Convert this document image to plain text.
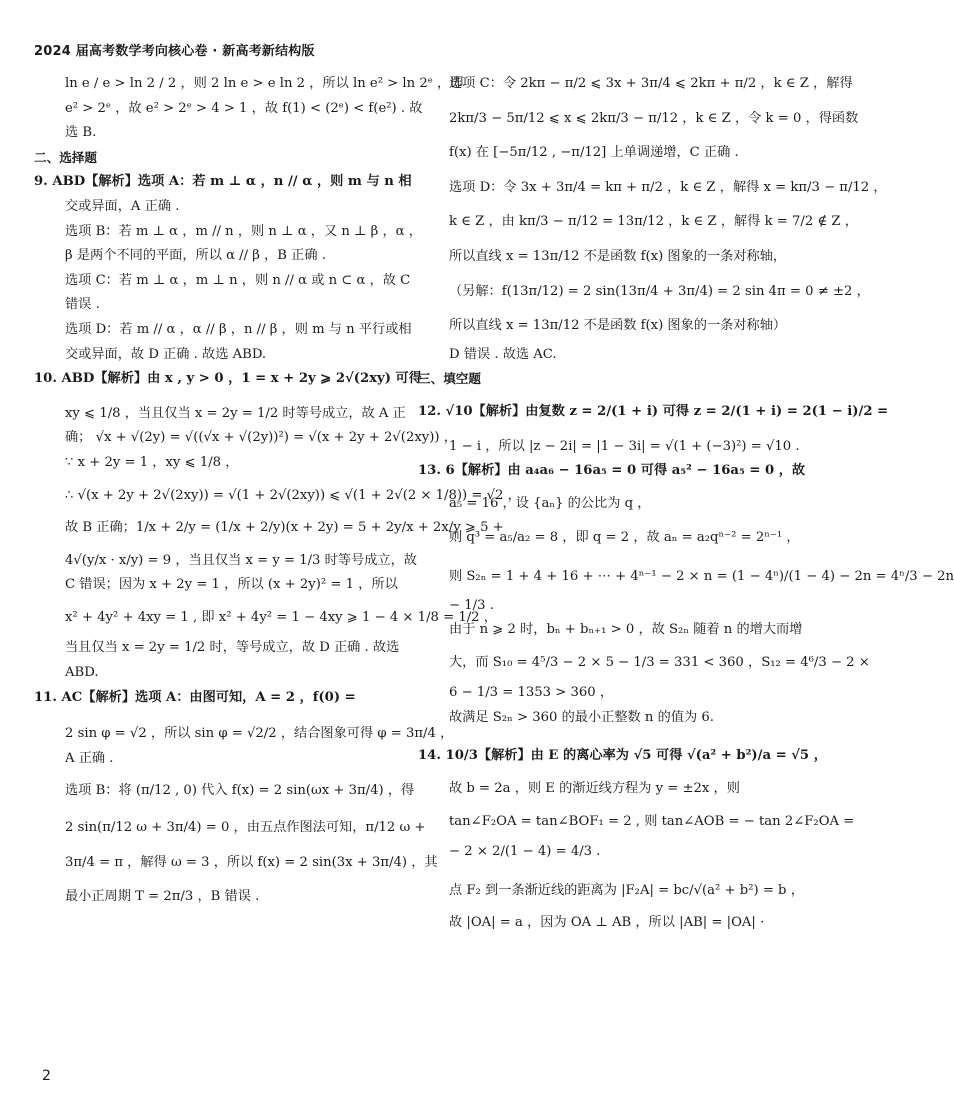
2024 届高考数学考向核心卷 · 新高考新结构版
ln e / e > ln 2 / 2 ，则 2 ln e > e ln 2 ，所以 ln e² > ln 2ᵉ ，即
e² > 2ᵉ ，故 e² > 2ᵉ > 4 > 1 ，故 f(1) < (2ᵉ) < f(e²) . 故
选 B.
二、选择题
9. ABD【解析】选项 A：若 m ⊥ α ，n // α ，则 m 与 n 相
交或异面，A 正确 .
选项 B：若 m ⊥ α ，m // n ，则 n ⊥ α ，又 n ⊥ β ，α ，
β 是两个不同的平面，所以 α // β ，B 正确 .
选项 C：若 m ⊥ α ，m ⊥ n ，则 n // α 或 n ⊂ α ，故 C
错误 .
选项 D：若 m // α ，α // β ，n // β ，则 m 与 n 平行或相
交或异面，故 D 正确 . 故选 ABD.
10. ABD【解析】由 x , y > 0 ，1 = x + 2y ⩾ 2√(2xy) 可得
xy ⩽ 1/8 ，当且仅当 x = 2y = 1/2 时等号成立，故 A 正
确； √x + √(2y) = √((√x + √(2y))²) = √(x + 2y + 2√(2xy)) ，
∵ x + 2y = 1 ，xy ⩽ 1/8 ，
∴ √(x + 2y + 2√(2xy)) = √(1 + 2√(2xy)) ⩽ √(1 + 2√(2 × 1/8)) = √2 ，
故 B 正确；1/x + 2/y = (1/x + 2/y)(x + 2y) = 5 + 2y/x + 2x/y ⩾ 5 +
4√(y/x · x/y) = 9 ，当且仅当 x = y = 1/3 时等号成立，故
C 错误；因为 x + 2y = 1 ，所以 (x + 2y)² = 1 ，所以
x² + 4y² + 4xy = 1 , 即 x² + 4y² = 1 − 4xy ⩾ 1 − 4 × 1/8 = 1/2 ，
当且仅当 x = 2y = 1/2 时，等号成立，故 D 正确 . 故选
ABD.
11. AC【解析】选项 A：由图可知，A = 2 ，f(0) =
2 sin φ = √2 ，所以 sin φ = √2/2 ，结合图象可得 φ = 3π/4 ，
A 正确 .
选项 B：将 (π/12 , 0) 代入 f(x) = 2 sin(ωx + 3π/4) ，得
2 sin(π/12 ω + 3π/4) = 0 ，由五点作图法可知，π/12 ω +
3π/4 = π ，解得 ω = 3 ，所以 f(x) = 2 sin(3x + 3π/4) ，其
最小正周期 T = 2π/3 ，B 错误 .
选项 C：令 2kπ − π/2 ⩽ 3x + 3π/4 ⩽ 2kπ + π/2 ，k ∈ Z ，解得
2kπ/3 − 5π/12 ⩽ x ⩽ 2kπ/3 − π/12 ，k ∈ Z ，令 k = 0 ，得函数
f(x) 在 [−5π/12 , −π/12] 上单调递增，C 正确 .
选项 D：令 3x + 3π/4 = kπ + π/2 ，k ∈ Z ，解得 x = kπ/3 − π/12 ，
k ∈ Z ，由 kπ/3 − π/12 = 13π/12 ，k ∈ Z ，解得 k = 7/2 ∉ Z ，
所以直线 x = 13π/12 不是函数 f(x) 图象的一条对称轴，
（另解：f(13π/12) = 2 sin(13π/4 + 3π/4) = 2 sin 4π = 0 ≠ ±2 ，
所以直线 x = 13π/12 不是函数 f(x) 图象的一条对称轴）
D 错误 . 故选 AC.
三、填空题
12. √10【解析】由复数 z = 2/(1 + i) 可得 z = 2/(1 + i) = 2(1 − i)/2 =
1 − i ，所以 |z − 2i| = |1 − 3i| = √(1 + (−3)²) = √10 .
13. 6【解析】由 a₄a₆ − 16a₅ = 0 可得 a₅² − 16a₅ = 0 ，故
a₅ = 16 ，设 {aₙ} 的公比为 q ，
则 q³ = a₅/a₂ = 8 ，即 q = 2 ，故 aₙ = a₂qⁿ⁻² = 2ⁿ⁻¹ ，
则 S₂ₙ = 1 + 4 + 16 + ⋯ + 4ⁿ⁻¹ − 2 × n = (1 − 4ⁿ)/(1 − 4) − 2n = 4ⁿ/3 − 2n
− 1/3 .
由于 n ⩾ 2 时，bₙ + bₙ₊₁ > 0 ，故 S₂ₙ 随着 n 的增大而增
大，而 S₁₀ = 4⁵/3 − 2 × 5 − 1/3 = 331 < 360 ，S₁₂ = 4⁶/3 − 2 ×
6 − 1/3 = 1353 > 360 ，
故满足 S₂ₙ > 360 的最小正整数 n 的值为 6.
14. 10/3【解析】由 E 的离心率为 √5 可得 √(a² + b²)/a = √5 ，
故 b = 2a ，则 E 的渐近线方程为 y = ±2x ，则
tan∠F₂OA = tan∠BOF₁ = 2 , 则 tan∠AOB = − tan 2∠F₂OA =
− 2 × 2/(1 − 4) = 4/3 .
点 F₂ 到一条渐近线的距离为 |F₂A| = bc/√(a² + b²) = b ，
故 |OA| = a ，因为 OA ⊥ AB ，所以 |AB| = |OA| ·
2
